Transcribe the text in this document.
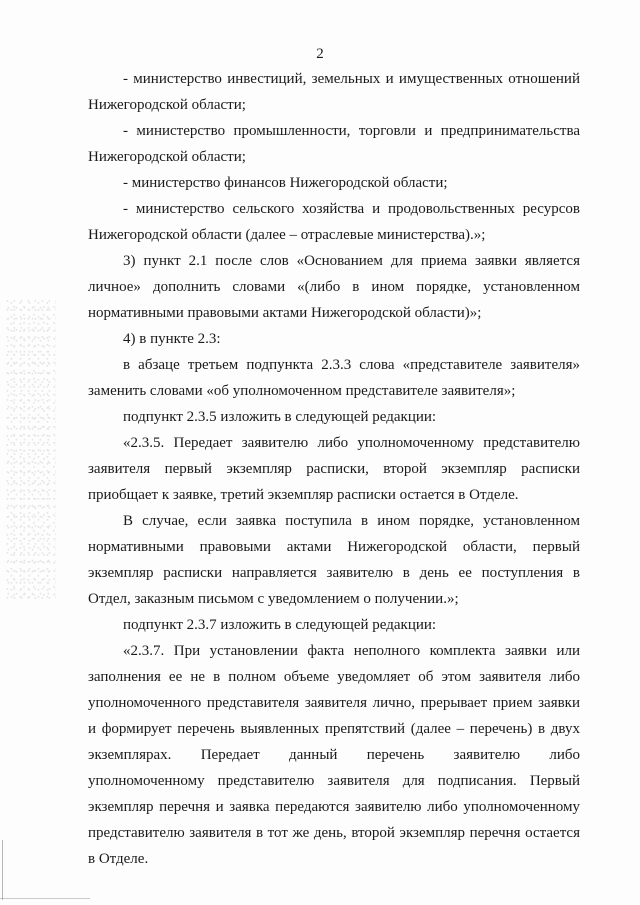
2
- министерство инвестиций, земельных и имущественных отношений
Нижегородской области;
- министерство промышленности, торговли и предпринимательства
Нижегородской области;
- министерство финансов Нижегородской области;
- министерство сельского хозяйства и продовольственных ресурсов
Нижегородской области (далее – отраслевые министерства).»;
3) пункт 2.1 после слов «Основанием для приема заявки является
личное» дополнить словами «(либо в ином порядке, установленном
нормативными правовыми актами Нижегородской области)»;
4) в пункте 2.3:
в абзаце третьем подпункта 2.3.3 слова «представителе заявителя»
заменить словами «об уполномоченном представителе заявителя»;
подпункт 2.3.5 изложить в следующей редакции:
«2.3.5. Передает заявителю либо уполномоченному представителю
заявителя первый экземпляр расписки, второй экземпляр расписки
приобщает к заявке, третий экземпляр расписки остается в Отделе.
В случае, если заявка поступила в ином порядке, установленном
нормативными правовыми актами Нижегородской области, первый
экземпляр расписки направляется заявителю в день ее поступления в
Отдел, заказным письмом с уведомлением о получении.»;
подпункт 2.3.7 изложить в следующей редакции:
«2.3.7. При установлении факта неполного комплекта заявки или
заполнения ее не в полном объеме уведомляет об этом заявителя либо
уполномоченного представителя заявителя лично, прерывает прием заявки
и формирует перечень выявленных препятствий (далее – перечень) в двух
экземплярах. Передает данный перечень заявителю либо
уполномоченному представителю заявителя для подписания. Первый
экземпляр перечня и заявка передаются заявителю либо уполномоченному
представителю заявителя в тот же день, второй экземпляр перечня остается
в Отделе.
